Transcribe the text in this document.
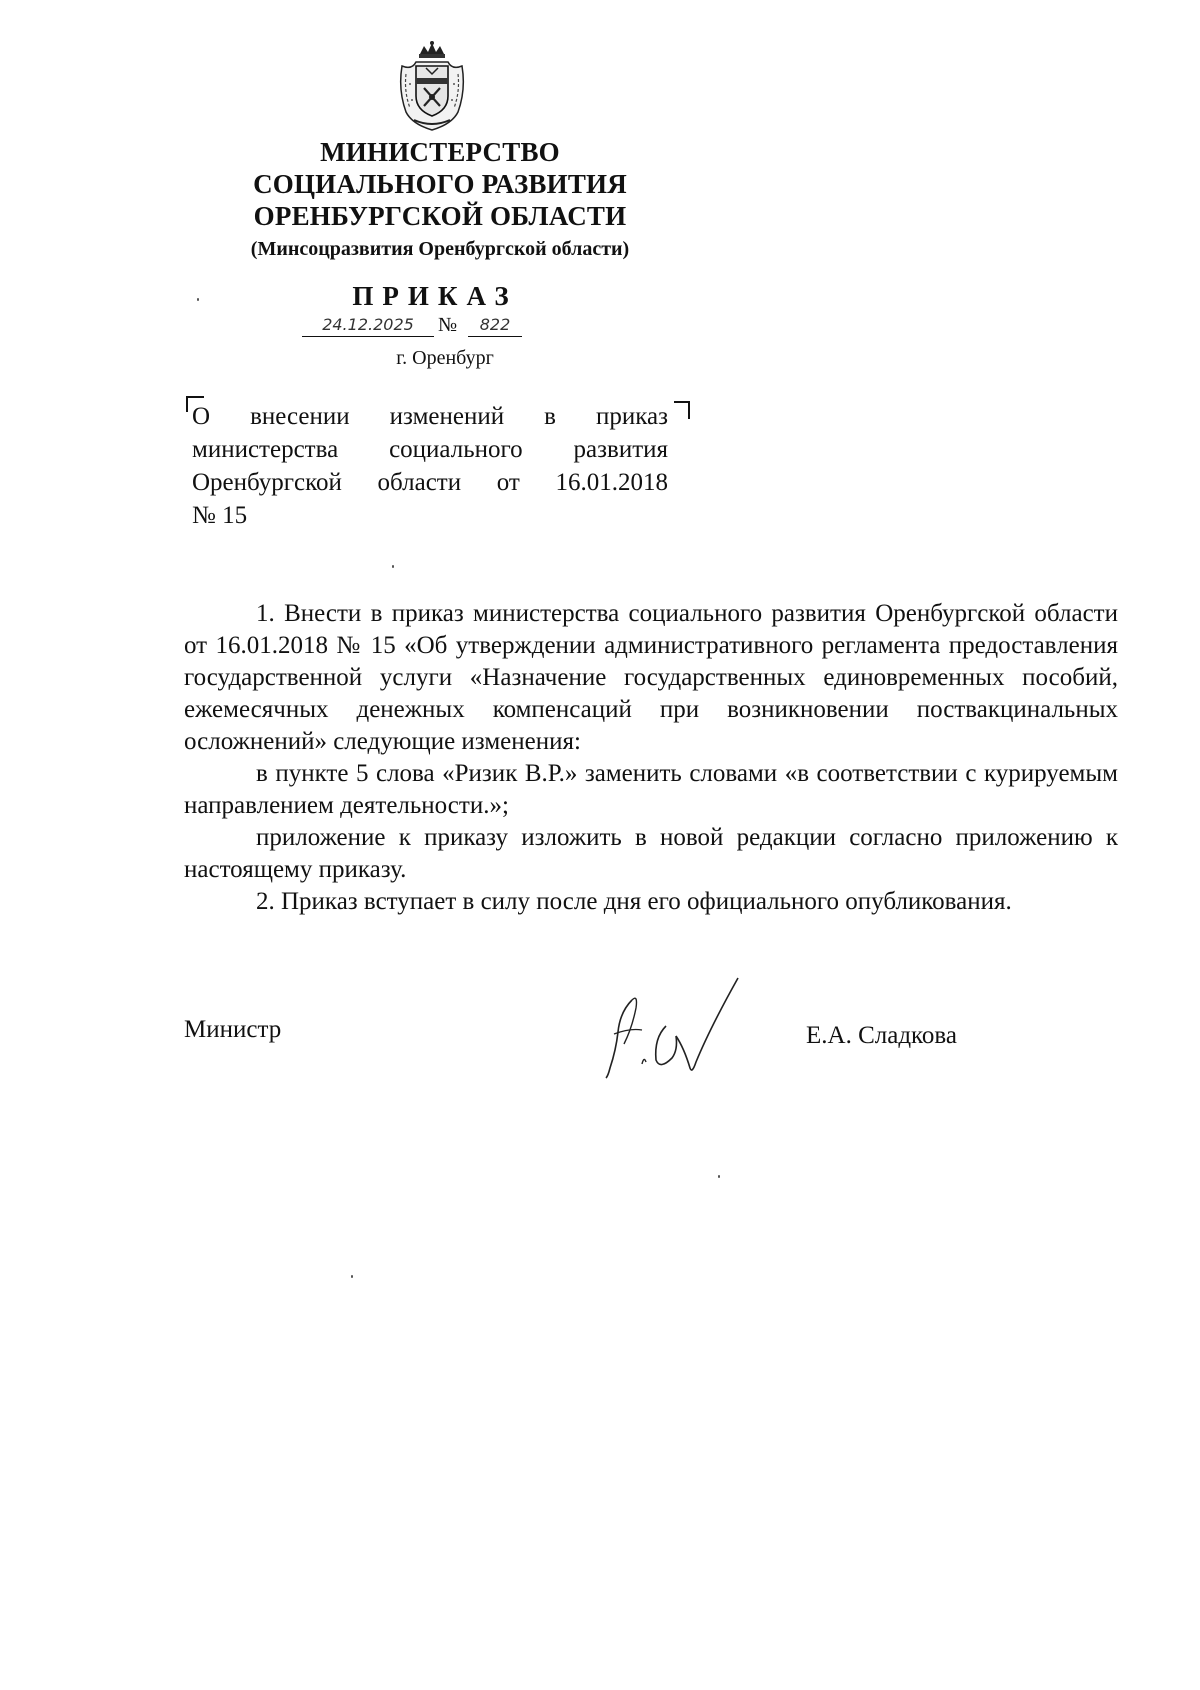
МИНИСТЕРСТВО
СОЦИАЛЬНОГО РАЗВИТИЯ
ОРЕНБУРГСКОЙ ОБЛАСТИ
(Минсоцразвития Оренбургской области)
ПРИКАЗ
24.12.2025	№	822
г. Оренбург
О внесении изменений в приказ
министерства социального развития
Оренбургской области от 16.01.2018
№ 15

1. Внести в приказ министерства социального развития Оренбургской области от 16.01.2018 № 15 «Об утверждении административного регламента предоставления государственной услуги «Назначение государственных единовременных пособий, ежемесячных денежных компенсаций при возникновении поствакцинальных осложнений» следующие изменения:

в пункте 5 слова «Ризик В.Р.» заменить словами «в соответствии с курируемым направлением деятельности.»;

приложение к приказу изложить в новой редакции согласно приложению к настоящему приказу.

2. Приказ вступает в силу после дня его официального опубликования.

Министр	Е.А. Сладкова
